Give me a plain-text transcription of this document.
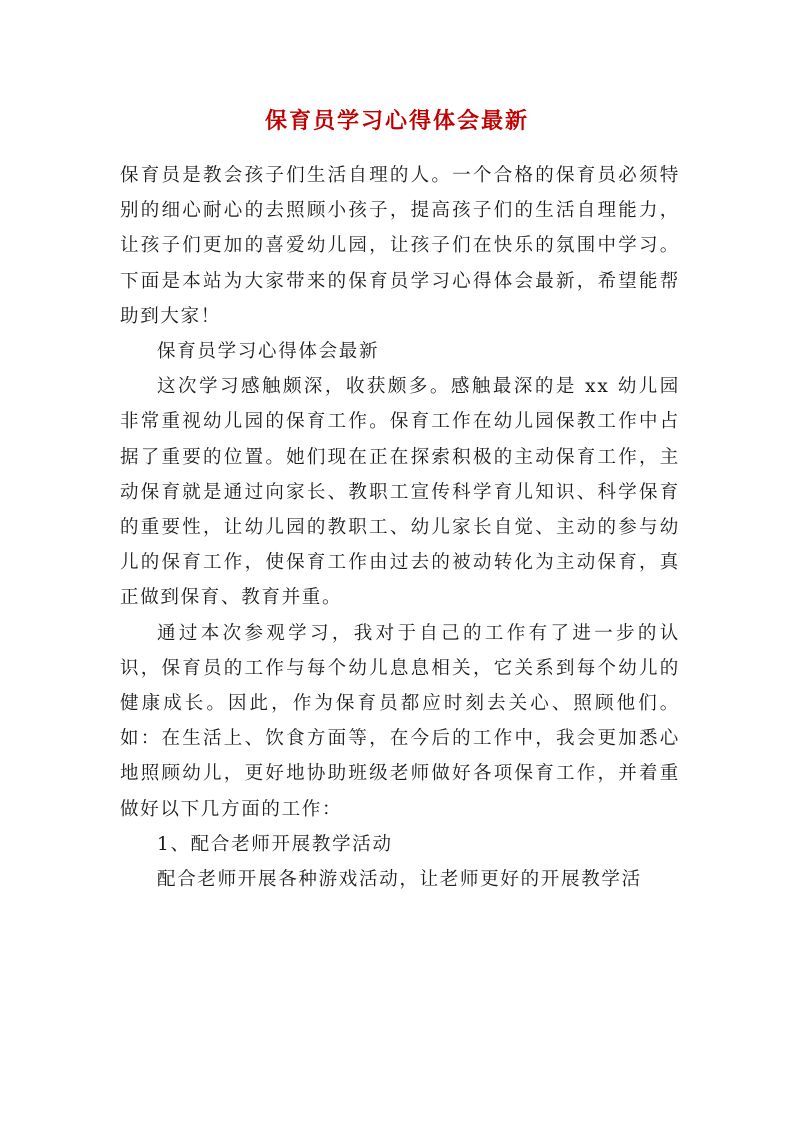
保育员学习心得体会最新

保育员是教会孩子们生活自理的人。一个合格的保育员必须特别的细心耐心的去照顾小孩子，提高孩子们的生活自理能力，让孩子们更加的喜爱幼儿园，让孩子们在快乐的氛围中学习。下面是本站为大家带来的保育员学习心得体会最新，希望能帮助到大家！

保育员学习心得体会最新

这次学习感触颇深，收获颇多。感触最深的是 xx 幼儿园非常重视幼儿园的保育工作。保育工作在幼儿园保教工作中占据了重要的位置。她们现在正在探索积极的主动保育工作，主动保育就是通过向家长、教职工宣传科学育儿知识、科学保育的重要性，让幼儿园的教职工、幼儿家长自觉、主动的参与幼儿的保育工作，使保育工作由过去的被动转化为主动保育，真正做到保育、教育并重。

通过本次参观学习，我对于自己的工作有了进一步的认识，保育员的工作与每个幼儿息息相关，它关系到每个幼儿的健康成长。因此，作为保育员都应时刻去关心、照顾他们。如：在生活上、饮食方面等，在今后的工作中，我会更加悉心地照顾幼儿，更好地协助班级老师做好各项保育工作，并着重做好以下几方面的工作：

1、配合老师开展教学活动

配合老师开展各种游戏活动，让老师更好的开展教学活
